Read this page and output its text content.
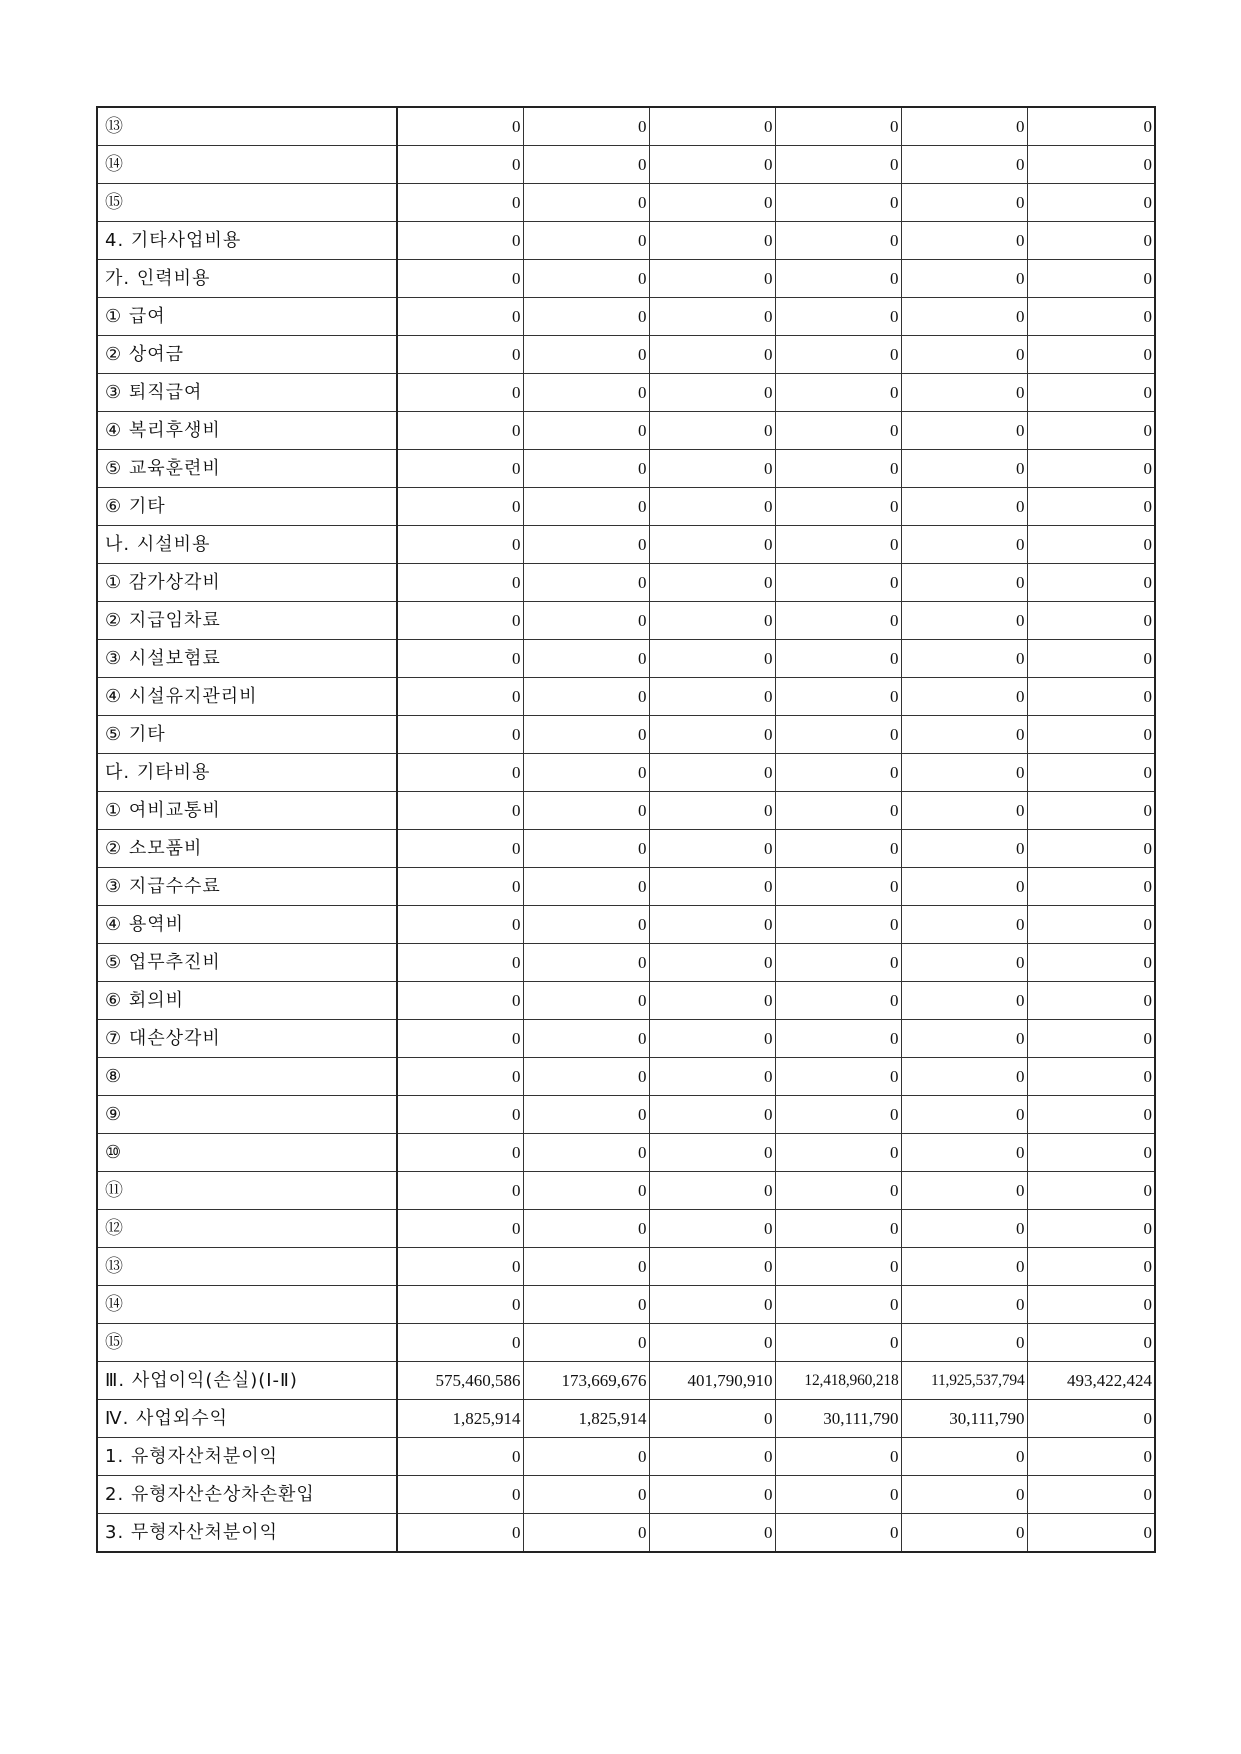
⑬	0	0	0	0	0	0
⑭	0	0	0	0	0	0
⑮	0	0	0	0	0	0
4. 기타사업비용	0	0	0	0	0	0
가. 인력비용	0	0	0	0	0	0
① 급여	0	0	0	0	0	0
② 상여금	0	0	0	0	0	0
③ 퇴직급여	0	0	0	0	0	0
④ 복리후생비	0	0	0	0	0	0
⑤ 교육훈련비	0	0	0	0	0	0
⑥ 기타	0	0	0	0	0	0
나. 시설비용	0	0	0	0	0	0
① 감가상각비	0	0	0	0	0	0
② 지급임차료	0	0	0	0	0	0
③ 시설보험료	0	0	0	0	0	0
④ 시설유지관리비	0	0	0	0	0	0
⑤ 기타	0	0	0	0	0	0
다. 기타비용	0	0	0	0	0	0
① 여비교통비	0	0	0	0	0	0
② 소모품비	0	0	0	0	0	0
③ 지급수수료	0	0	0	0	0	0
④ 용역비	0	0	0	0	0	0
⑤ 업무추진비	0	0	0	0	0	0
⑥ 회의비	0	0	0	0	0	0
⑦ 대손상각비	0	0	0	0	0	0
⑧	0	0	0	0	0	0
⑨	0	0	0	0	0	0
⑩	0	0	0	0	0	0
⑪	0	0	0	0	0	0
⑫	0	0	0	0	0	0
⑬	0	0	0	0	0	0
⑭	0	0	0	0	0	0
⑮	0	0	0	0	0	0
Ⅲ. 사업이익(손실)(Ⅰ-Ⅱ)	575,460,586	173,669,676	401,790,910	12,418,960,218	11,925,537,794	493,422,424
Ⅳ. 사업외수익	1,825,914	1,825,914	0	30,111,790	30,111,790	0
1. 유형자산처분이익	0	0	0	0	0	0
2. 유형자산손상차손환입	0	0	0	0	0	0
3. 무형자산처분이익	0	0	0	0	0	0
